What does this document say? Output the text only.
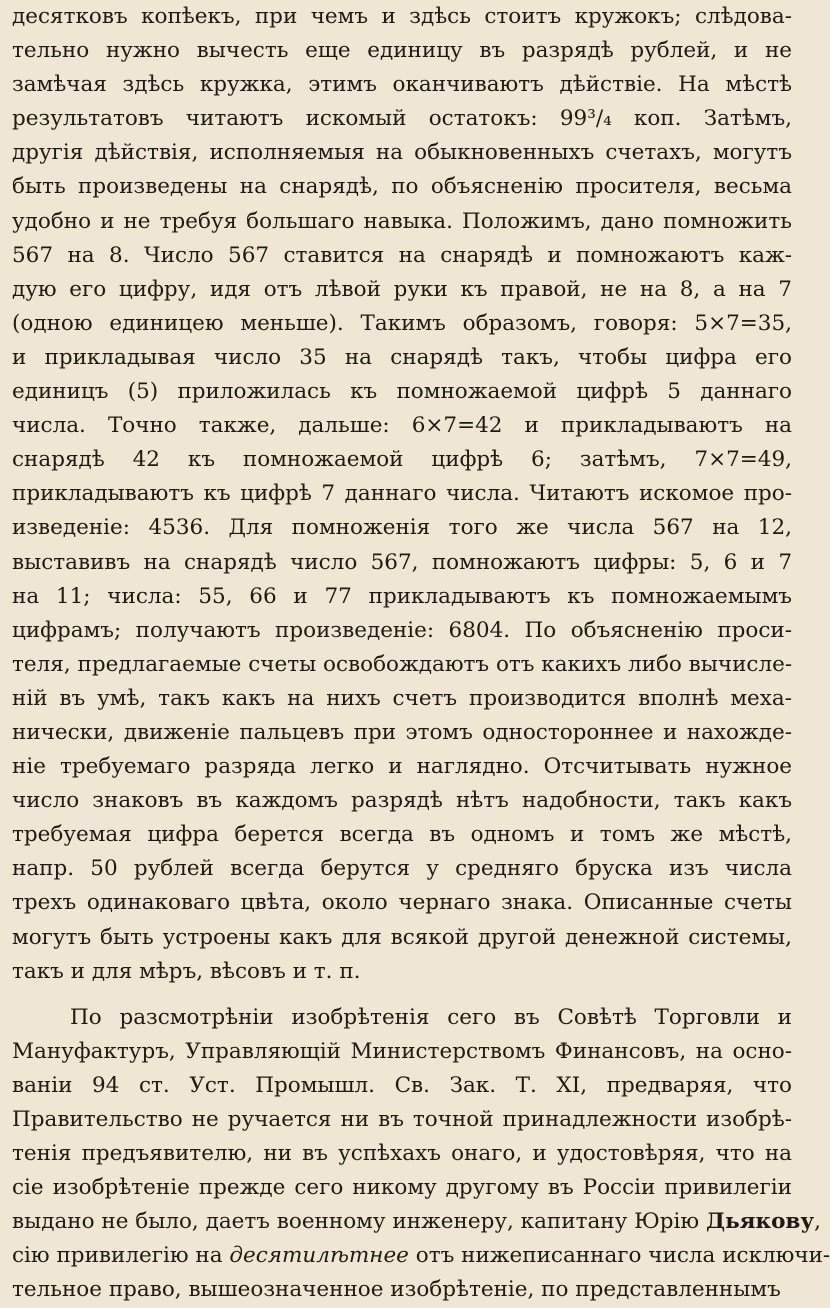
десятковъ копѣекъ, при чемъ и здѣсь стоитъ кружокъ; слѣдова-
тельно нужно вычесть еще единицу въ разрядѣ рублей, и не
замѣчая здѣсь кружка, этимъ оканчиваютъ дѣйствіе. На мѣстѣ
результатовъ читаютъ искомый остатокъ: 99³/₄ коп. Затѣмъ,
другія дѣйствія, исполняемыя на обыкновенныхъ счетахъ, могутъ
быть произведены на снарядѣ, по объясненію просителя, весьма
удобно и не требуя большаго навыка. Положимъ, дано помножить
567 на 8. Число 567 ставится на снарядѣ и помножаютъ каж-
дую его цифру, идя отъ лѣвой руки къ правой, не на 8, а на 7
(одною единицею меньше). Такимъ образомъ, говоря: 5×7=35,
и прикладывая число 35 на снарядѣ такъ, чтобы цифра его
единицъ (5) приложилась къ помножаемой цифрѣ 5 даннаго
числа. Точно также, дальше: 6×7=42 и прикладываютъ на
снарядѣ 42 къ помножаемой цифрѣ 6; затѣмъ, 7×7=49,
прикладываютъ къ цифрѣ 7 даннаго числа. Читаютъ искомое про-
изведеніе: 4536. Для помноженія того же числа 567 на 12,
выставивъ на снарядѣ число 567, помножаютъ цифры: 5, 6 и 7
на 11; числа: 55, 66 и 77 прикладываютъ къ помножаемымъ
цифрамъ; получаютъ произведеніе: 6804. По объясненію проси-
теля, предлагаемые счеты освобождаютъ отъ какихъ либо вычисле-
ній въ умѣ, такъ какъ на нихъ счетъ производится вполнѣ меха-
нически, движеніе пальцевъ при этомъ одностороннее и нахожде-
ніе требуемаго разряда легко и наглядно. Отсчитывать нужное
число знаковъ въ каждомъ разрядѣ нѣтъ надобности, такъ какъ
требуемая цифра берется всегда въ одномъ и томъ же мѣстѣ,
напр. 50 рублей всегда берутся у средняго бруска изъ числа
трехъ одинаковаго цвѣта, около чернаго знака. Описанные счеты
могутъ быть устроены какъ для всякой другой денежной системы,
такъ и для мѣръ, вѣсовъ и т. п.
По разсмотрѣніи изобрѣтенія сего въ Совѣтѣ Торговли и
Мануфактуръ, Управляющій Министерствомъ Финансовъ, на осно-
ваніи 94 ст. Уст. Промышл. Св. Зак. Т. XI, предваряя, что
Правительство не ручается ни въ точной принадлежности изобрѣ-
тенія предъявителю, ни въ успѣхахъ онаго, и удостовѣряя, что на
сіе изобрѣтеніе прежде сего никому другому въ Россіи привилегіи
выдано не было, даетъ военному инженеру, капитану Юрію Дьякову,
сію привилегію на десятилѣтнее отъ нижеписаннаго числа исключи-
тельное право, вышеозначенное изобрѣтеніе, по представленнымъ
